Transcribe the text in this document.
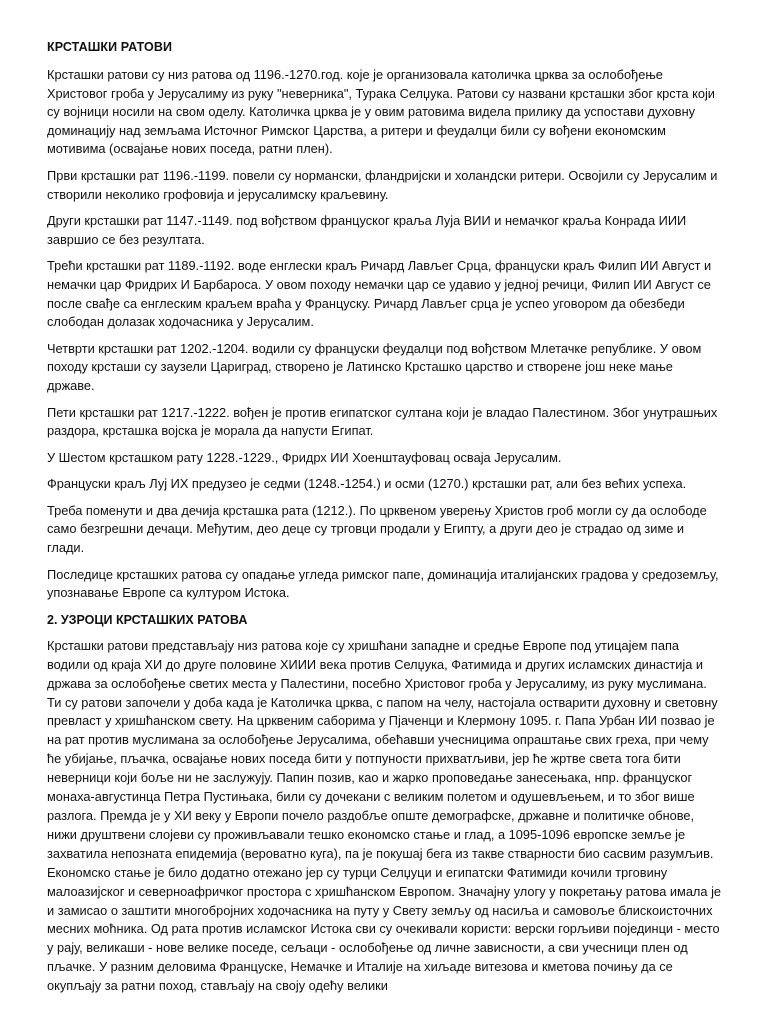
КРСТАШКИ РАТОВИ

Крсташки ратови су низ ратова од 1196.-1270.год. које је организовала католичка црква за ослобођење Христовог гроба у Јерусалиму из руку "неверника", Турака Селџука. Ратови су названи крсташки због крста који су војници носили на свом оделу. Католичка црква је у овим ратовима видела прилику да успостави духовну доминацију над земљама Источног Римског Царства, а ритери и феудалци били су вођени економским мотивима (освајање нових поседа, ратни плен).

Први крсташки рат 1196.-1199. повели су нормански, фландријски и холандски ритери. Освојили су Јерусалим и створили неколико грофовија и јерусалимску краљевину.

Други крсташки рат 1147.-1149. под вођством француског краља Луја ВИИ и немачког краља Конрада ИИИ завршио се без резултата.

Трећи крсташки рат 1189.-1192. воде енглески краљ Ричард Лављег Срца, француски краљ Филип ИИ Август и немачки цар Фридрих И Барбароса. У овом походу немачки цар се удавио у једној речици, Филип ИИ Август се после свађе са енглеским краљем враћа у Француску. Ричард Лављег срца је успео уговором да обезбеди слободан долазак ходочасника у Јерусалим.

Четврти крсташки рат 1202.-1204. водили су француски феудалци под вођством Млетачке републике. У овом походу крсташи су заузели Цариград, створено је Латинско Крсташко царство и створене још неке мање државе.

Пети крсташки рат 1217.-1222. вођен је против египатског султана који је владао Палестином. Због унутрашњих раздора, крсташка војска је морала да напусти Египат.

У Шестом крсташком рату 1228.-1229., Фридрх ИИ Хоенштауфовац осваја Јерусалим.

Француски краљ Луј ИХ предузео је седми (1248.-1254.) и осми (1270.) крсташки рат, али без већих успеха.

Треба поменути и два дечија крсташка рата (1212.). По црквеном уверењу Христов гроб могли су да ослободе само безгрешни дечаци. Међутим, део деце су трговци продали у Египту, а други део је страдао од зиме и глади.

Последице крсташких ратова су опадање угледа римског папе, доминација италијанских градова у средоземљу, упознавање Европе са културом Истока.

2. УЗРОЦИ КРСТАШКИХ РАТОВА

Крсташки ратови представљају низ ратова које су хришћани западне и средње Европе под утицајем папа водили од краја ХИ до друге половине ХИИИ века против Селџука, Фатимида и других исламских династија и држава за ослобођење светих места у Палестини, посебно Христовог гроба у Јерусалиму, из руку муслимана. Ти су ратови започели у доба када је Католичка црква, с папом на челу, настојала остварити духовну и световну превласт у хришћанском свету. На црквеним саборима у Пјаченци и Клермону 1095. г. Папа Урбан ИИ позвао је на рат против муслимана за ослобођење Јерусалима, обећавши учесницима опраштање свих греха, при чему ће убијање, пљачка, освајање нових поседа бити у потпуности прихватљиви, јер ће жртве света тога бити неверници који боље ни не заслужују. Папин позив, као и жарко проповедање занесењака, нпр. француског монаха-августинца Петра Пустињака, били су дочекани с великим полетом и одушевљењем, и то због више разлога. Премда је у ХИ веку у Европи почело раздобље опште демографске, државне и политичке обнове, нижи друштвени слојеви су проживљавали тешко економско стање и глад, а 1095-1096 европске земље је захватила непознатa епидемија (вероватно куга), па је покушај бега из такве стварности био сасвим разумљив. Економско стање је било додатно отежано јер су турци Селџуци и египатски Фатимиди кочили трговину малоазијског и северноафричког простора с хришћанском Европом. Значајну улогу у покретању ратова имала је и замисао о заштити многобројних ходочасника на путу у Свету земљу од насиља и самовоље блискоисточних месних моћника. Од рата против исламског Истока сви су очекивали користи: верски горљиви појединци - место у рају, великаши - нове велике поседе, сељаци - ослобођење од личне зависности, а сви учесници плен од пљачке. У разним деловима Француске, Немачке и Италије на хиљаде витезова и кметова почињу да се окупљају за ратни поход, стављају на своју одећу велики
